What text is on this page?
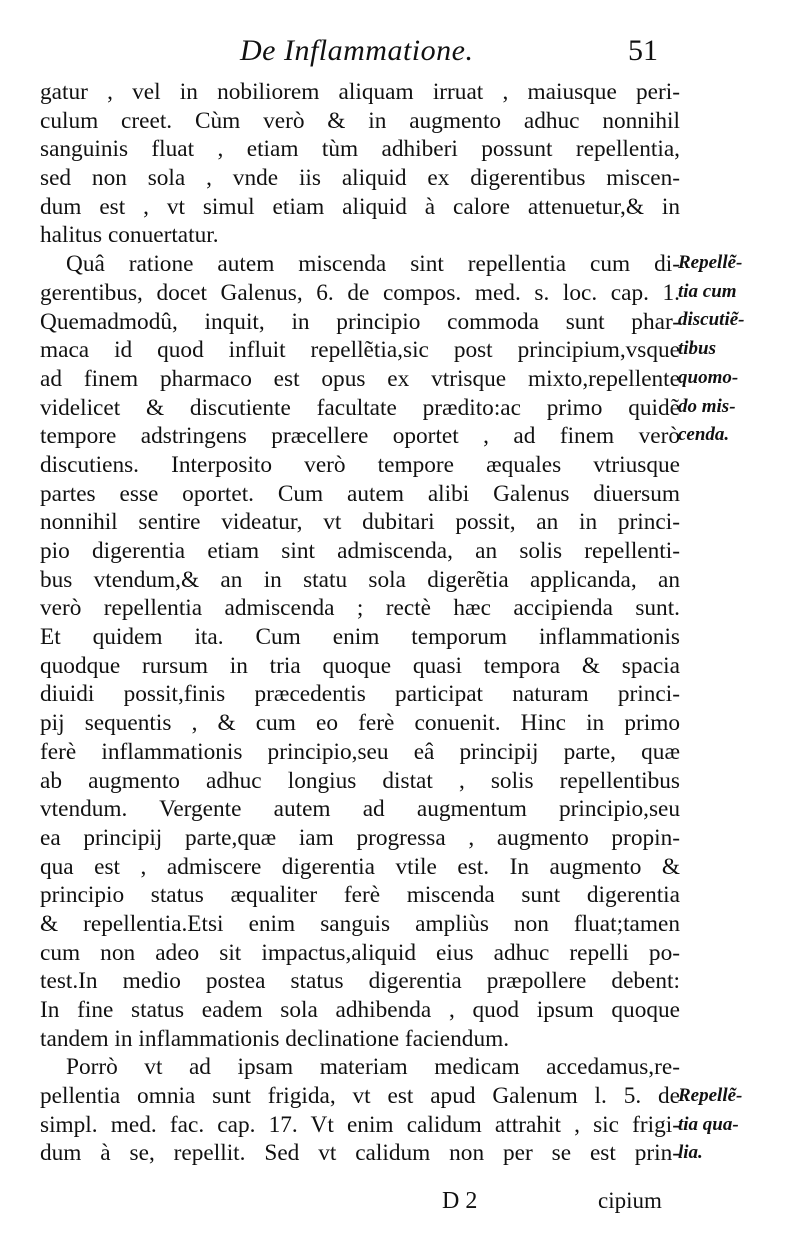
De Inflammatione.	51
gatur , vel in nobiliorem aliquam irruat , maiusque peri-
culum creet. Cùm verò & in augmento adhuc nonnihil
sanguinis fluat , etiam tùm adhiberi possunt repellentia,
sed non sola , vnde iis aliquid ex digerentibus miscen-
dum est , vt simul etiam aliquid à calore attenuetur,& in
halitus conuertatur.
Quâ ratione autem miscenda sint repellentia cum di-
gerentibus, docet Galenus, 6. de compos. med. s. loc. cap. 1.
Quemadmodû, inquit, in principio commoda sunt phar-
maca id quod influit repellẽtia,sic post principium,vsque
ad finem pharmaco est opus ex vtrisque mixto,repellente
videlicet & discutiente facultate prædito:ac primo quidẽ
tempore adstringens præcellere oportet , ad finem verò
discutiens. Interposito verò tempore æquales vtriusque
partes esse oportet. Cum autem alibi Galenus diuersum
nonnihil sentire videatur, vt dubitari possit, an in princi-
pio digerentia etiam sint admiscenda, an solis repellenti-
bus vtendum,& an in statu sola digerẽtia applicanda, an
verò repellentia admiscenda ; rectè hæc accipienda sunt.
Et quidem ita. Cum enim temporum inflammationis
quodque rursum in tria quoque quasi tempora & spacia
diuidi possit,finis præcedentis participat naturam princi-
pij sequentis , & cum eo ferè conuenit. Hinc in primo
ferè inflammationis principio,seu eâ principij parte, quæ
ab augmento adhuc longius distat , solis repellentibus
vtendum. Vergente autem ad augmentum principio,seu
ea principij parte,quæ iam progressa , augmento propin-
qua est , admiscere digerentia vtile est. In augmento &
principio status æqualiter ferè miscenda sunt digerentia
& repellentia.Etsi enim sanguis ampliùs non fluat;tamen
cum non adeo sit impactus,aliquid eius adhuc repelli po-
test.In medio postea status digerentia præpollere debent:
In fine status eadem sola adhibenda , quod ipsum quoque
tandem in inflammationis declinatione faciendum.
Porrò vt ad ipsam materiam medicam accedamus,re-
pellentia omnia sunt frigida, vt est apud Galenum l. 5. de
simpl. med. fac. cap. 17. Vt enim calidum attrahit , sic frigi-
dum à se, repellit. Sed vt calidum non per se est prin-
Repellẽ-
tia cum
discutiẽ-
tibus
quomo-
do mis-
cenda.
Repellẽ-
tia qua-
lia.
D 2	cipium
